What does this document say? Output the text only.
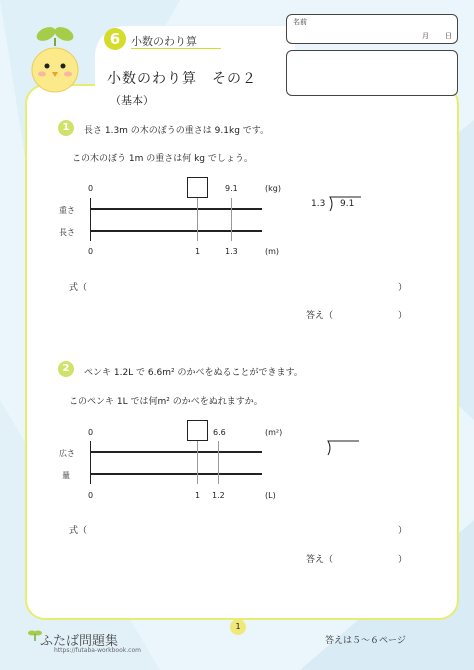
6 小数のわり算
小数のわり算　その２
（基本）
名前
月 日
1	長さ 1.3m の木のぼうの重さは 9.1kg です。
この木のぼう 1m の重さは何 kg でしょう。
0	9.1	(kg)
重さ
長さ
0	1	1.3	(m)
1.3 9.1
式（	）
答え（	）
2	ペンキ 1.2L で 6.6m² のかべをぬることができます。
このペンキ 1L では何m² のかべをぬれますか。
0	6.6	(m²)
広さ
量
0	1 1.2	(L)
式（	）
答え（	）
1
ふたば問題集
https://futaba-workbook.com
答えは５～６ページ
